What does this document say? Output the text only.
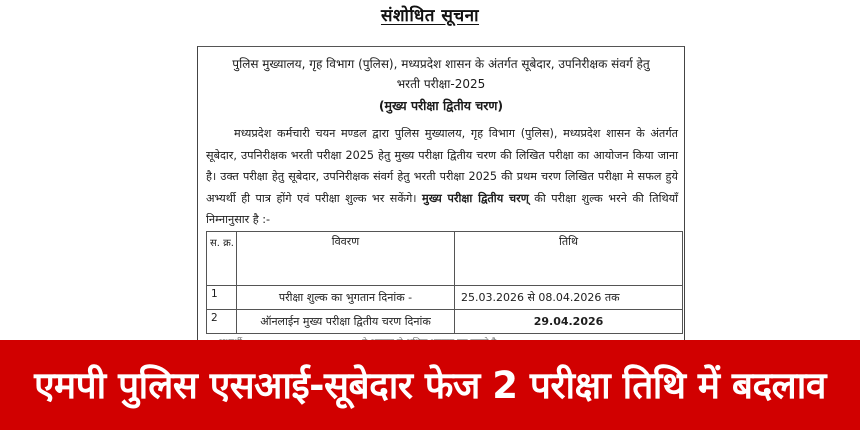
संशोधित सूचना
पुलिस मुख्यालय, गृह विभाग (पुलिस), मध्यप्रदेश शासन के अंतर्गत सूबेदार, उपनिरीक्षक संवर्ग हेतु
भरती परीक्षा-2025
(मुख्य परीक्षा द्वितीय चरण)
मध्यप्रदेश कर्मचारी चयन मण्डल द्वारा पुलिस मुख्यालय, गृह विभाग (पुलिस), मध्यप्रदेश शासन के अंतर्गत सूबेदार, उपनिरीक्षक भरती परीक्षा 2025 हेतु मुख्य परीक्षा द्वितीय चरण की लिखित परीक्षा का आयोजन किया जाना है। उक्त परीक्षा हेतु सूबेदार, उपनिरीक्षक संवर्ग हेतु भरती परीक्षा 2025 की प्रथम चरण लिखित परीक्षा मे सफल हुये अभ्यर्थी ही पात्र होंगे एवं परीक्षा शुल्क भर सकेंगे। मुख्य परीक्षा द्वितीय चरण् की परीक्षा शुल्क भरने की तिथियाँ निम्नानुसार है :-
स. क्र.	विवरण	तिथि
1	परीक्षा शुल्क का भुगतान दिनांक -	25.03.2026 से 08.04.2026 तक
2	ऑनलाईन मुख्य परीक्षा द्वितीय चरण दिनांक	29.04.2026
एमपी पुलिस एसआई-सूबेदार फेज 2 परीक्षा तिथि में बदलाव
